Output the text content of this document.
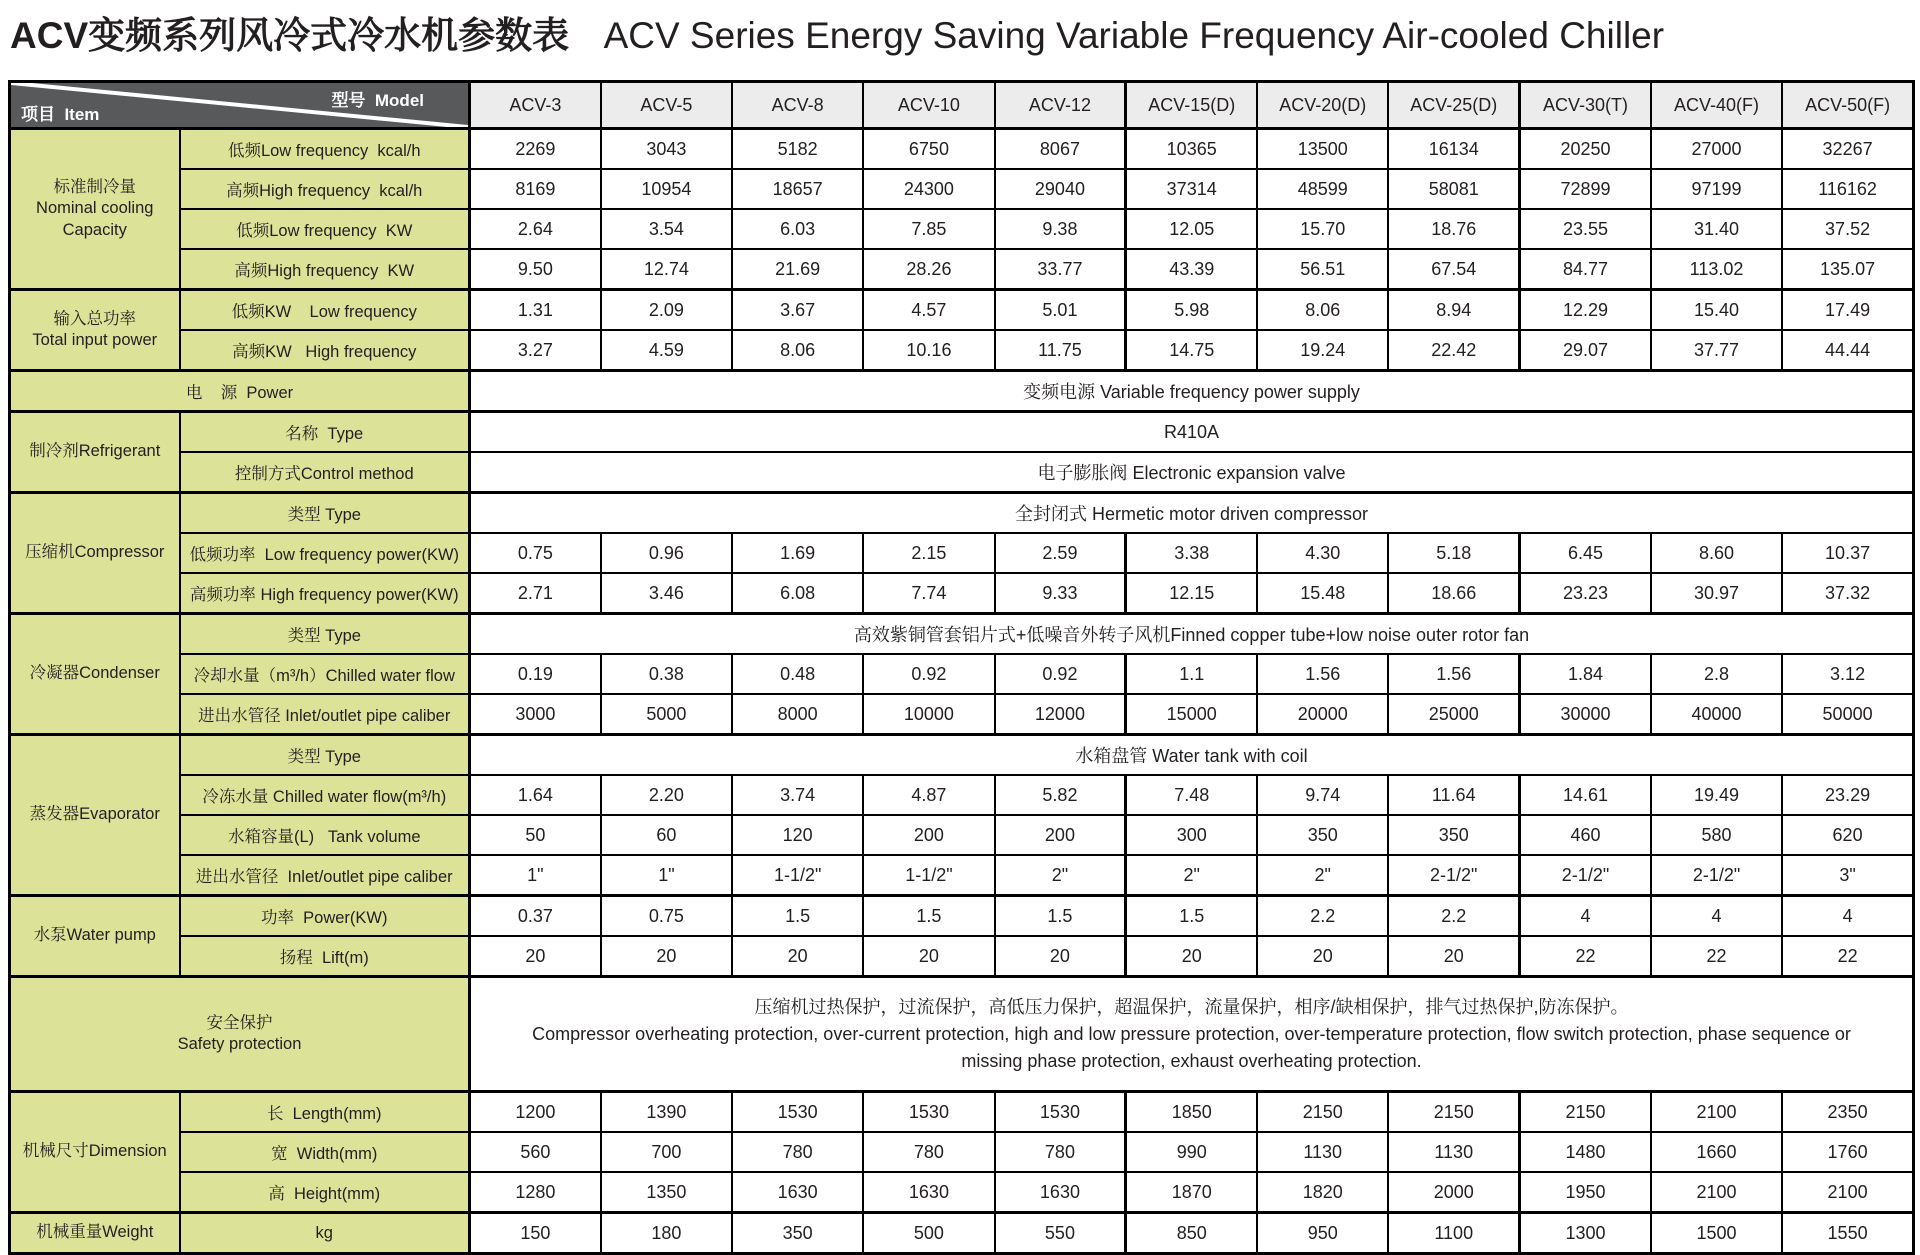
ACV变频系列风冷式冷水机参数表 ACV Series Energy Saving Variable Frequency Air-cooled Chiller
型号  Model
项目  Item		ACV-3	ACV-5	ACV-8	ACV-10	ACV-12	ACV-15(D)	ACV-20(D)	ACV-25(D)	ACV-30(T)	ACV-40(F)	ACV-50(F)

标准制冷量
Nominal cooling
Capacity	低频Low frequency  kcal/h	2269	3043	5182	6750	8067	10365	13500	16134	20250	27000	32267
	高频High frequency  kcal/h	8169	10954	18657	24300	29040	37314	48599	58081	72899	97199	116162
	低频Low frequency  KW	2.64	3.54	6.03	7.85	9.38	12.05	15.70	18.76	23.55	31.40	37.52
	高频High frequency  KW	9.50	12.74	21.69	28.26	33.77	43.39	56.51	67.54	84.77	113.02	135.07

输入总功率
Total input power	低频KW    Low frequency	1.31	2.09	3.67	4.57	5.01	5.98	8.06	8.94	12.29	15.40	17.49
	高频KW   High frequency	3.27	4.59	8.06	10.16	11.75	14.75	19.24	22.42	29.07	37.77	44.44
电    源  Power		变频电源 Variable frequency power supply										

制冷剂Refrigerant	名称  Type	R410A										
	控制方式Control method	电子膨胀阀 Electronic expansion valve										

压缩机Compressor	类型 Type	全封闭式 Hermetic motor driven compressor										
	低频功率  Low frequency power(KW)	0.75	0.96	1.69	2.15	2.59	3.38	4.30	5.18	6.45	8.60	10.37
	高频功率 High frequency power(KW)	2.71	3.46	6.08	7.74	9.33	12.15	15.48	18.66	23.23	30.97	37.32

冷凝器Condenser	类型 Type	高效紫铜管套铝片式+低噪音外转子风机Finned copper tube+low noise outer rotor fan										
	冷却水量（m³/h）Chilled water flow	0.19	0.38	0.48	0.92	0.92	1.1	1.56	1.56	1.84	2.8	3.12
	进出水管径 Inlet/outlet pipe caliber	3000	5000	8000	10000	12000	15000	20000	25000	30000	40000	50000

蒸发器Evaporator	类型 Type	水箱盘管 Water tank with coil										
	冷冻水量 Chilled water flow(m³/h)	1.64	2.20	3.74	4.87	5.82	7.48	9.74	11.64	14.61	19.49	23.29
	水箱容量(L)   Tank volume	50	60	120	200	200	300	350	350	460	580	620
	进出水管径  Inlet/outlet pipe caliber	1"	1"	1-1/2"	1-1/2"	2"	2"	2"	2-1/2"	2-1/2"	2-1/2"	3"

水泵Water pump	功率  Power(KW)	0.37	0.75	1.5	1.5	1.5	1.5	2.2	2.2	4	4	4
	扬程  Lift(m)	20	20	20	20	20	20	20	20	22	22	22

安全保护
Safety protection

压缩机过热保护，过流保护，高低压力保护，超温保护，流量保护，相序/缺相保护，排气过热保护,防冻保护。
Compressor overheating protection, over-current protection, high and low pressure protection, over-temperature protection, flow switch protection, phase sequence or missing phase protection, exhaust overheating protection.

机械尺寸Dimension	长  Length(mm)	1200	1390	1530	1530	1530	1850	2150	2150	2150	2100	2350
	宽  Width(mm)	560	700	780	780	780	990	1130	1130	1480	1660	1760
	高  Height(mm)	1280	1350	1630	1630	1630	1870	1820	2000	1950	2100	2100

机械重量Weight	kg	150	180	350	500	550	850	950	1100	1300	1500	1550
